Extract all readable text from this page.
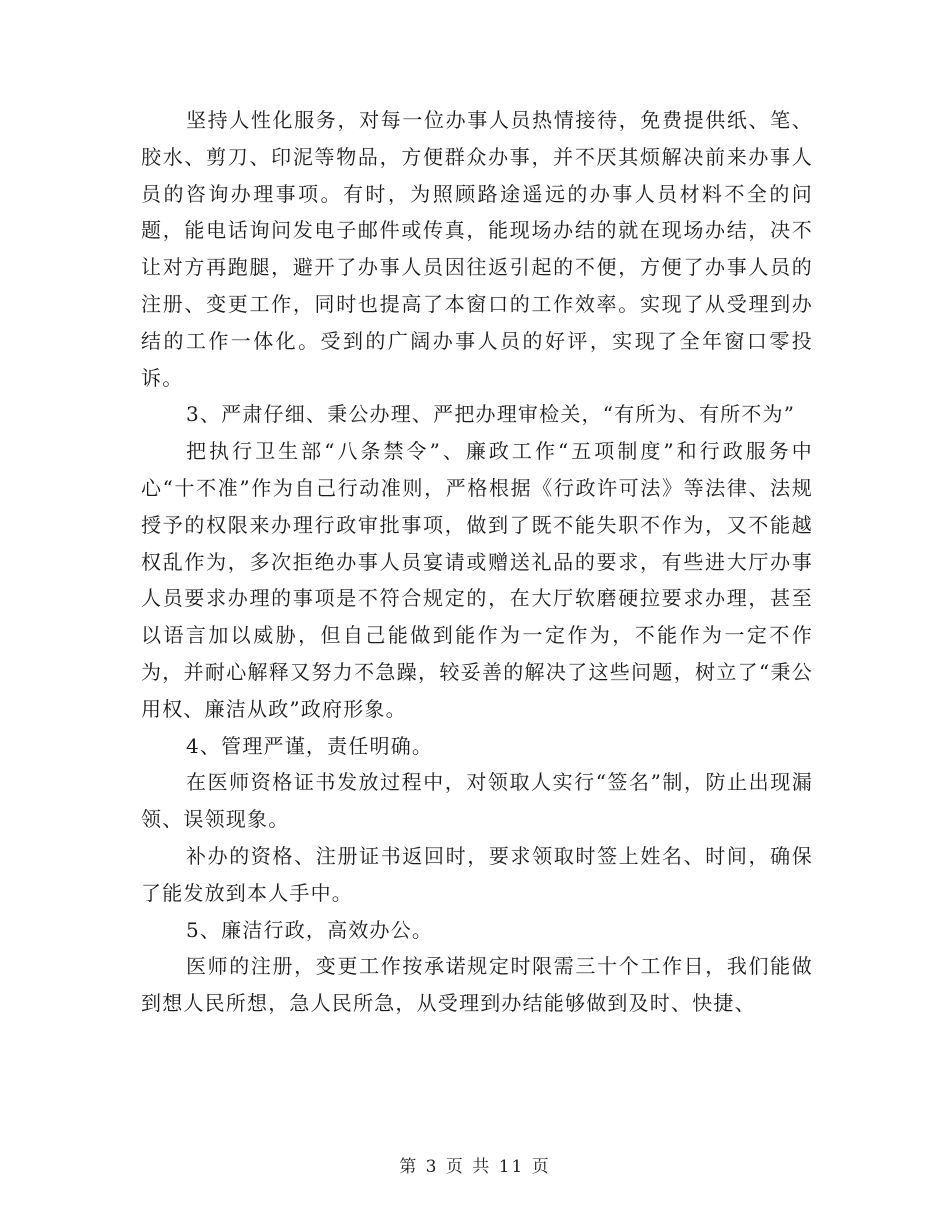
坚持人性化服务，对每一位办事人员热情接待，免费提供纸、笔、胶水、剪刀、印泥等物品，方便群众办事，并不厌其烦解决前来办事人员的咨询办理事项。有时，为照顾路途遥远的办事人员材料不全的问题，能电话询问发电子邮件或传真，能现场办结的就在现场办结，决不让对方再跑腿，避开了办事人员因往返引起的不便，方便了办事人员的注册、变更工作，同时也提高了本窗口的工作效率。实现了从受理到办结的工作一体化。受到的广阔办事人员的好评，实现了全年窗口零投诉。

3、严肃仔细、秉公办理、严把办理审检关，“有所为、有所不为”

把执行卫生部“八条禁令”、廉政工作“五项制度”和行政服务中心“十不准”作为自己行动准则，严格根据《行政许可法》等法律、法规授予的权限来办理行政审批事项，做到了既不能失职不作为，又不能越权乱作为，多次拒绝办事人员宴请或赠送礼品的要求，有些进大厅办事人员要求办理的事项是不符合规定的，在大厅软磨硬拉要求办理，甚至以语言加以威胁，但自己能做到能作为一定作为，不能作为一定不作为，并耐心解释又努力不急躁，较妥善的解决了这些问题，树立了“秉公用权、廉洁从政”政府形象。

4、管理严谨，责任明确。

在医师资格证书发放过程中，对领取人实行“签名”制，防止出现漏领、误领现象。

补办的资格、注册证书返回时，要求领取时签上姓名、时间，确保了能发放到本人手中。

5、廉洁行政，高效办公。

医师的注册，变更工作按承诺规定时限需三十个工作日，我们能做到想人民所想，急人民所急，从受理到办结能够做到及时、快捷、

第 3 页 共 11 页
